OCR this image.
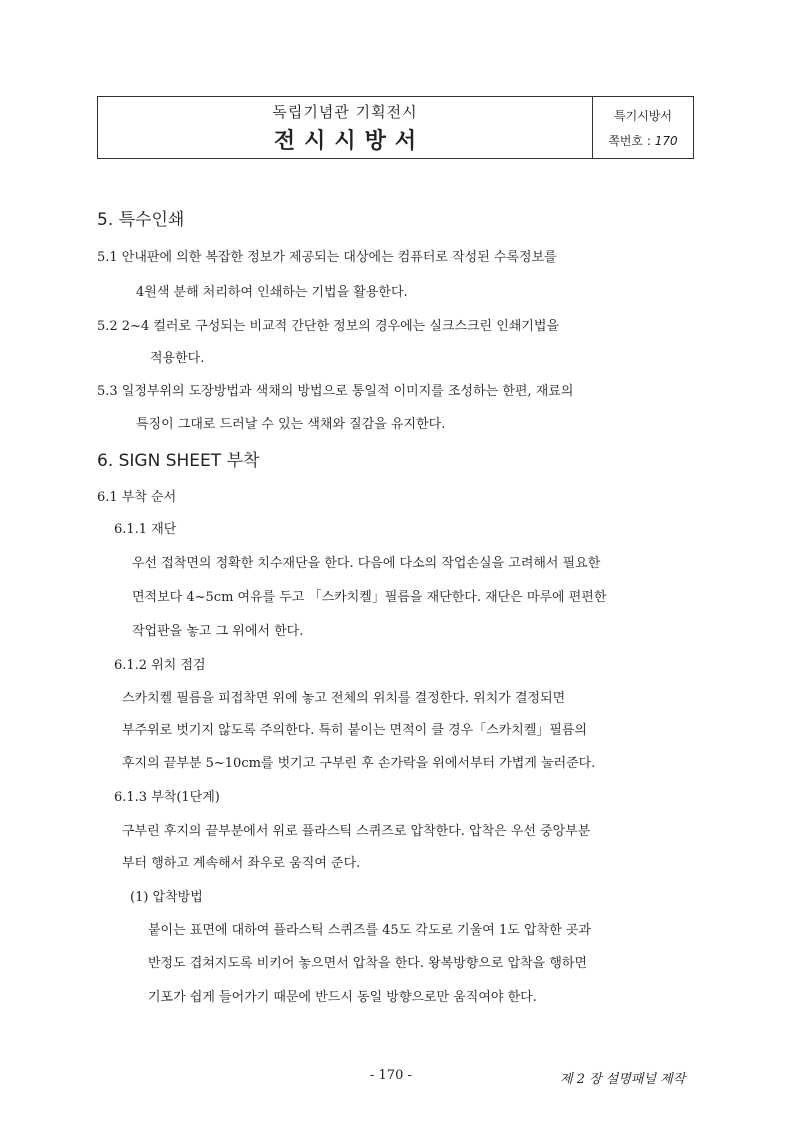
독립기념관 기획전시
전시시방서
특기시방서
쪽번호 : 170
5. 특수인쇄
5.1 안내판에 의한 복잡한 정보가 제공되는 대상에는 컴퓨터로 작성된 수록정보를
4원색 분해 처리하여 인쇄하는 기법을 활용한다.
5.2 2~4 컬러로 구성되는 비교적 간단한 정보의 경우에는 실크스크린 인쇄기법을
적용한다.
5.3 일정부위의 도장방법과 색채의 방법으로 통일적 이미지를 조성하는 한편, 재료의
특징이 그대로 드러날 수 있는 색채와 질감을 유지한다.
6. SIGN SHEET 부착
6.1 부착 순서
6.1.1 재단
우선 접착면의 정확한 치수재단을 한다. 다음에 다소의 작업손실을 고려해서 필요한
면적보다 4~5cm 여유를 두고 「스카치켈」필름을 재단한다. 재단은 마루에 편편한
작업판을 놓고 그 위에서 한다.
6.1.2 위치 점검
스카치켈 필름을 피접착면 위에 놓고 전체의 위치를 결정한다. 위치가 결정되면
부주위로 벗기지 않도록 주의한다. 특히 붙이는 면적이 클 경우「스카치켈」필름의
후지의 끝부분 5~10cm를 벗기고 구부린 후 손가락을 위에서부터 가볍게 눌러준다.
6.1.3 부착(1단계)
구부린 후지의 끝부분에서 위로 플라스틱 스퀴즈로 압착한다. 압착은 우선 중앙부분
부터 행하고 계속해서 좌우로 움직여 준다.
(1) 압착방법
붙이는 표면에 대하여 플라스틱 스퀴즈를 45도 각도로 기울여 1도 압착한 곳과
반정도 겹쳐지도록 비키어 놓으면서 압착을 한다. 왕복방향으로 압착을 행하면
기포가 쉽게 들어가기 때문에 반드시 동일 방향으로만 움직여야 한다.
- 170 -	제 2 장 설명패널 제작
